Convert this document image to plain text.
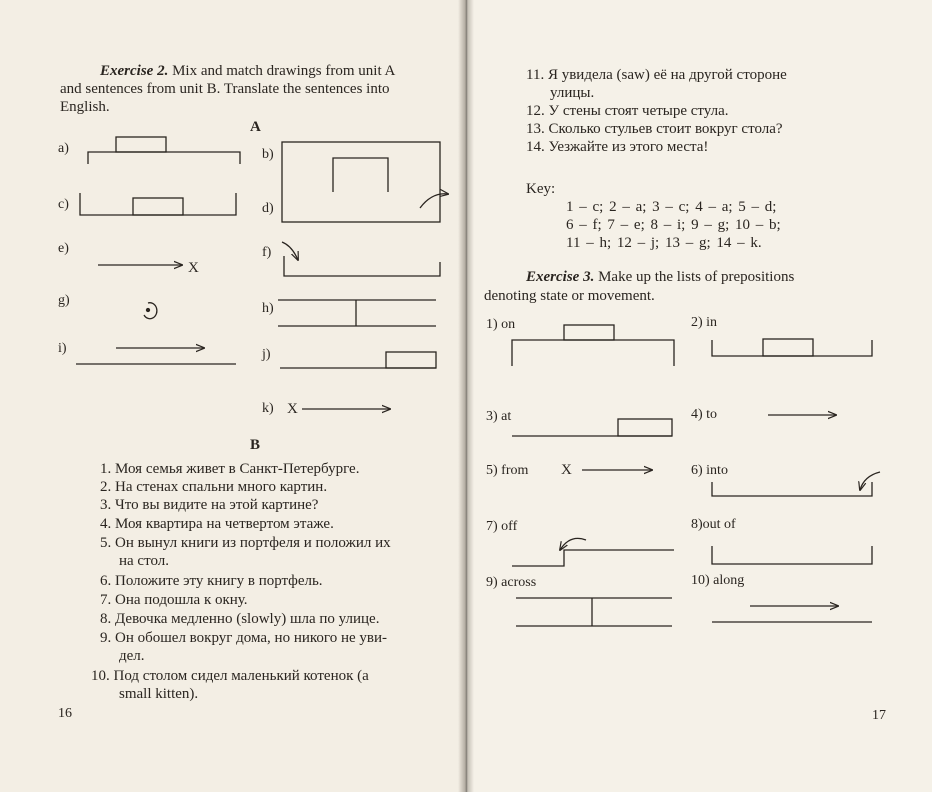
Exercise 2. Mix and match drawings from unit A
and sentences from unit B. Translate the sentences into
English.
A
a)	b)
c)	d)
e)	f)
g)
h)
i)	j)
k)
X
X
B
1. Моя семья живет в Санкт-Петербурге.
2. На стенах спальни много картин.
3. Что вы видите на этой картине?
4. Моя квартира на четвертом этаже.
5. Он вынул книги из портфеля и положил их
на стол.
6. Положите эту книгу в портфель.
7. Она подошла к окну.
8. Девочка медленно (slowly) шла по улице.
9. Он обошел вокруг дома, но никого не уви-
дел.
10. Под столом сидел маленький котенок (a
small kitten).
16
11. Я увидела (saw) её на другой стороне
улицы.
12. У стены стоят четыре стула.
13. Сколько стульев стоит вокруг стола?
14. Уезжайте из этого места!
Key:
1 – c; 2 – a; 3 – c; 4 – a; 5 – d;
6 – f; 7 – e; 8 – i; 9 – g; 10 – b;
11 – h; 12 – j; 13 – g; 14 – k.
Exercise 3. Make up the lists of prepositions
denoting state or movement.
1) on	2) in
3) at	4) to
5) from X	6) into
7) off	8)out of
9) across	10) along
17
